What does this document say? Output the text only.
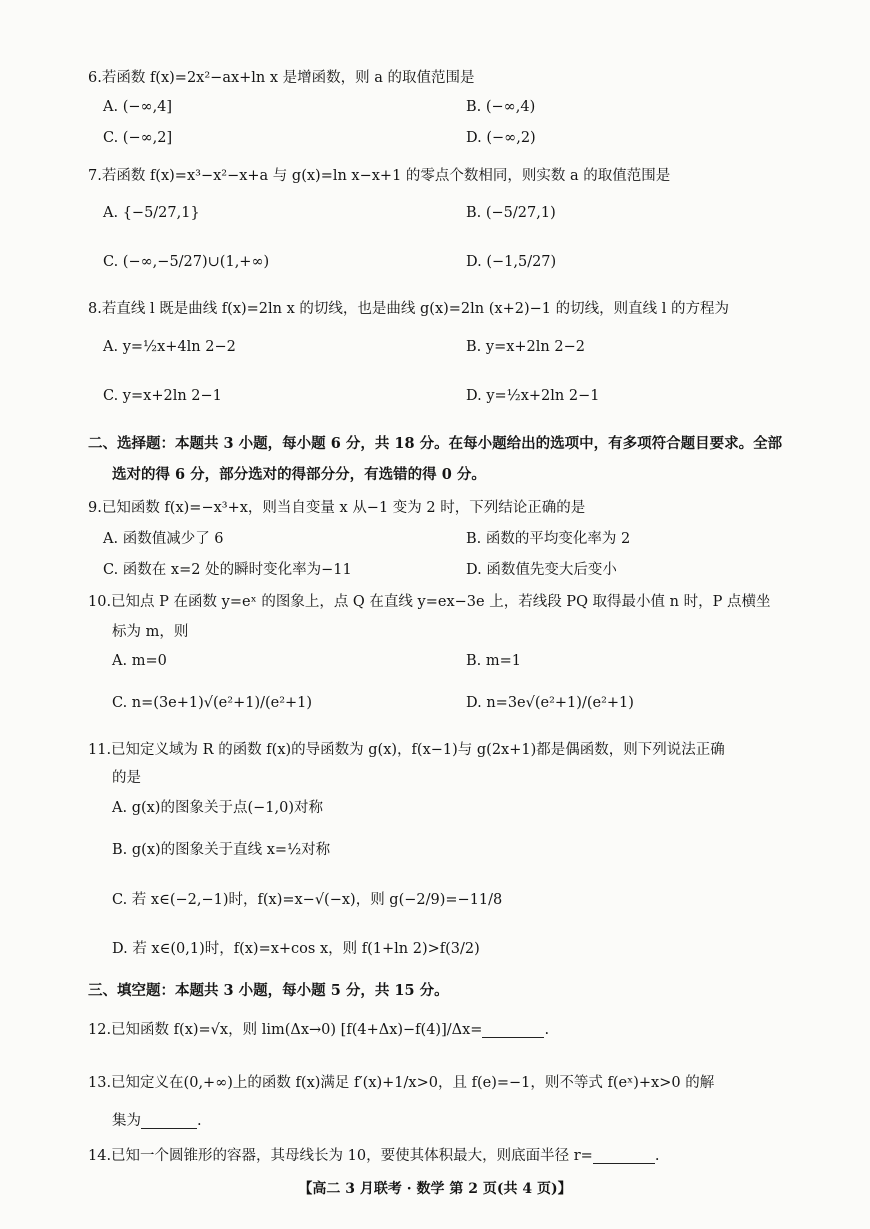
6.若函数 f(x)=2x²−ax+ln x 是增函数，则 a 的取值范围是
A. (−∞,4]	B. (−∞,4)
C. (−∞,2]	D. (−∞,2)
7.若函数 f(x)=x³−x²−x+a 与 g(x)=ln x−x+1 的零点个数相同，则实数 a 的取值范围是
A. {−5/27,1}	B. (−5/27,1)
C. (−∞,−5/27)∪(1,+∞)	D. (−1,5/27)
8.若直线 l 既是曲线 f(x)=2ln x 的切线，也是曲线 g(x)=2ln (x+2)−1 的切线，则直线 l 的方程为
A. y=½x+4ln 2−2	B. y=x+2ln 2−2
C. y=x+2ln 2−1	D. y=½x+2ln 2−1
二、选择题：本题共 3 小题，每小题 6 分，共 18 分。在每小题给出的选项中，有多项符合题目要求。全部
选对的得 6 分，部分选对的得部分分，有选错的得 0 分。
9.已知函数 f(x)=−x³+x，则当自变量 x 从−1 变为 2 时，下列结论正确的是
A. 函数值减少了 6	B. 函数的平均变化率为 2
C. 函数在 x=2 处的瞬时变化率为−11	D. 函数值先变大后变小
10.已知点 P 在函数 y=eˣ 的图象上，点 Q 在直线 y=ex−3e 上，若线段 PQ 取得最小值 n 时，P 点横坐
标为 m，则
A. m=0	B. m=1
C. n=(3e+1)√(e²+1)/(e²+1)	D. n=3e√(e²+1)/(e²+1)
11.已知定义域为 R 的函数 f(x)的导函数为 g(x)，f(x−1)与 g(2x+1)都是偶函数，则下列说法正确
的是
A. g(x)的图象关于点(−1,0)对称
B. g(x)的图象关于直线 x=½对称
C. 若 x∈(−2,−1)时，f(x)=x−√(−x)，则 g(−2/9)=−11/8
D. 若 x∈(0,1)时，f(x)=x+cos x，则 f(1+ln 2)>f(3/2)
三、填空题：本题共 3 小题，每小题 5 分，共 15 分。
12.已知函数 f(x)=√x，则 lim(Δx→0) [f(4+Δx)−f(4)]/Δx=	.
13.已知定义在(0,+∞)上的函数 f(x)满足 f′(x)+1/x>0，且 f(e)=−1，则不等式 f(eˣ)+x>0 的解
集为	.
14.已知一个圆锥形的容器，其母线长为 10，要使其体积最大，则底面半径 r=	.
【高二 3 月联考 · 数学 第 2 页(共 4 页)】
